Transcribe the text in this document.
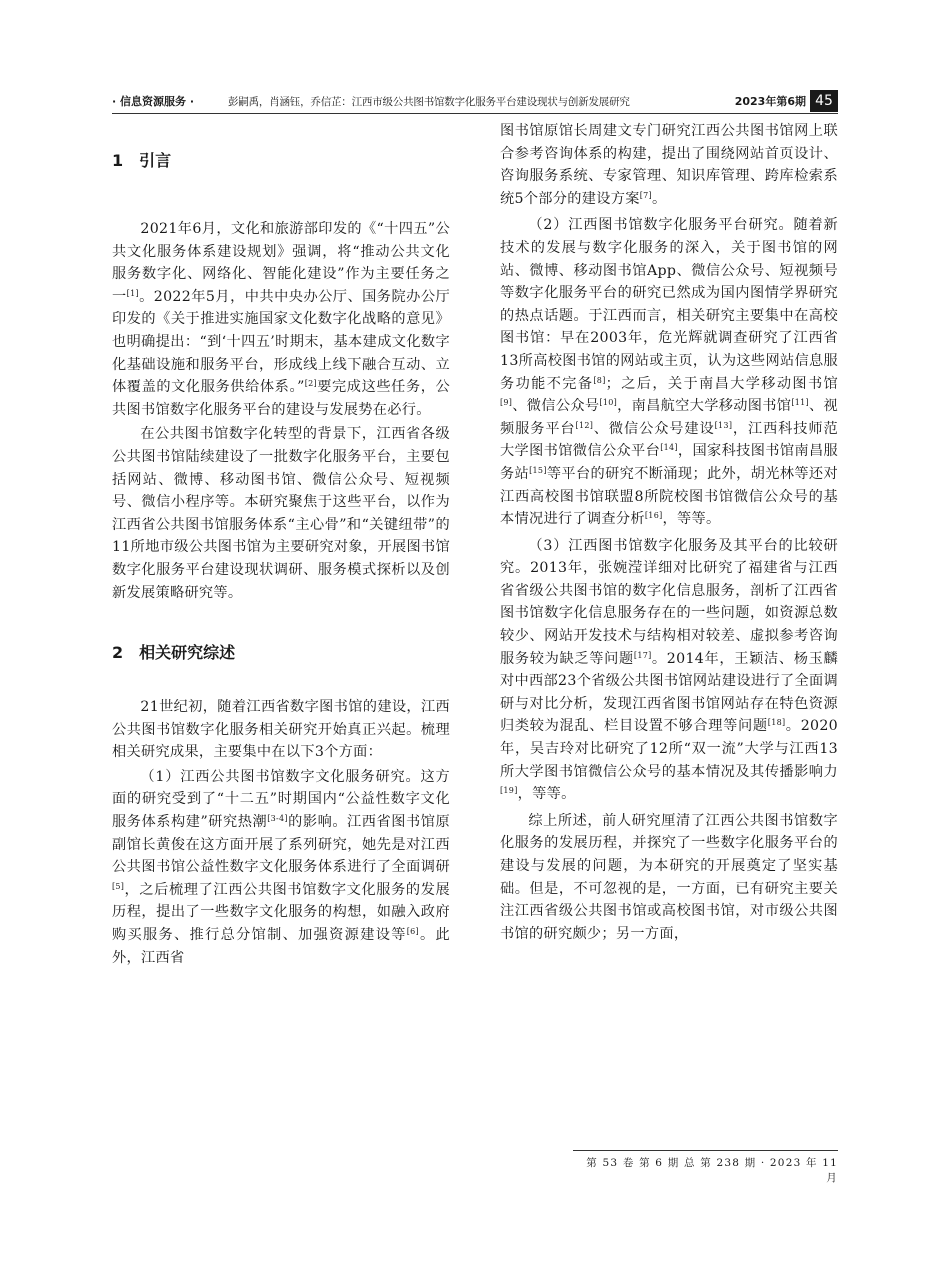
· 信息资源服务 ·	彭嗣禹，肖涵钰，乔信芷：江西市级公共图书馆数字化服务平台建设现状与创新发展研究	2023年第6期 45
1 引言

2021年6月，文化和旅游部印发的《“十四五”公共文化服务体系建设规划》强调，将“推动公共文化服务数字化、网络化、智能化建设”作为主要任务之一[1]。2022年5月，中共中央办公厅、国务院办公厅印发的《关于推进实施国家文化数字化战略的意见》也明确提出：“到‘十四五’时期末，基本建成文化数字化基础设施和服务平台，形成线上线下融合互动、立体覆盖的文化服务供给体系。”[2]要完成这些任务，公共图书馆数字化服务平台的建设与发展势在必行。

在公共图书馆数字化转型的背景下，江西省各级公共图书馆陆续建设了一批数字化服务平台，主要包括网站、微博、移动图书馆、微信公众号、短视频号、微信小程序等。本研究聚焦于这些平台，以作为江西省公共图书馆服务体系“主心骨”和“关键纽带”的11所地市级公共图书馆为主要研究对象，开展图书馆数字化服务平台建设现状调研、服务模式探析以及创新发展策略研究等。

2 相关研究综述

21世纪初，随着江西省数字图书馆的建设，江西公共图书馆数字化服务相关研究开始真正兴起。梳理相关研究成果，主要集中在以下3个方面：

（1）江西公共图书馆数字文化服务研究。这方面的研究受到了“十二五”时期国内“公益性数字文化服务体系构建”研究热潮[3-4]的影响。江西省图书馆原副馆长黄俊在这方面开展了系列研究，她先是对江西公共图书馆公益性数字文化服务体系进行了全面调研[5]，之后梳理了江西公共图书馆数字文化服务的发展历程，提出了一些数字文化服务的构想，如融入政府购买服务、推行总分馆制、加强资源建设等[6]。此外，江西省

图书馆原馆长周建文专门研究江西公共图书馆网上联合参考咨询体系的构建，提出了围绕网站首页设计、咨询服务系统、专家管理、知识库管理、跨库检索系统5个部分的建设方案[7]。

（2）江西图书馆数字化服务平台研究。随着新技术的发展与数字化服务的深入，关于图书馆的网站、微博、移动图书馆App、微信公众号、短视频号等数字化服务平台的研究已然成为国内图情学界研究的热点话题。于江西而言，相关研究主要集中在高校图书馆：早在2003年，危光辉就调查研究了江西省13所高校图书馆的网站或主页，认为这些网站信息服务功能不完备[8]；之后，关于南昌大学移动图书馆[9]、微信公众号[10]，南昌航空大学移动图书馆[11]、视频服务平台[12]、微信公众号建设[13]，江西科技师范大学图书馆微信公众平台[14]，国家科技图书馆南昌服务站[15]等平台的研究不断涌现；此外，胡光林等还对江西高校图书馆联盟8所院校图书馆微信公众号的基本情况进行了调查分析[16]，等等。

（3）江西图书馆数字化服务及其平台的比较研究。2013年，张婉滢详细对比研究了福建省与江西省省级公共图书馆的数字化信息服务，剖析了江西省图书馆数字化信息服务存在的一些问题，如资源总数较少、网站开发技术与结构相对较差、虚拟参考咨询服务较为缺乏等问题[17]。2014年，王颖洁、杨玉麟对中西部23个省级公共图书馆网站建设进行了全面调研与对比分析，发现江西省图书馆网站存在特色资源归类较为混乱、栏目设置不够合理等问题[18]。2020年，吴吉玲对比研究了12所“双一流”大学与江西13所大学图书馆微信公众号的基本情况及其传播影响力[19]，等等。

综上所述，前人研究厘清了江西公共图书馆数字化服务的发展历程，并探究了一些数字化服务平台的建设与发展的问题，为本研究的开展奠定了坚实基础。但是，不可忽视的是，一方面，已有研究主要关注江西省级公共图书馆或高校图书馆，对市级公共图书馆的研究颇少；另一方面，

第 53 卷 第 6 期 总 第 238 期 · 2023 年 11 月
